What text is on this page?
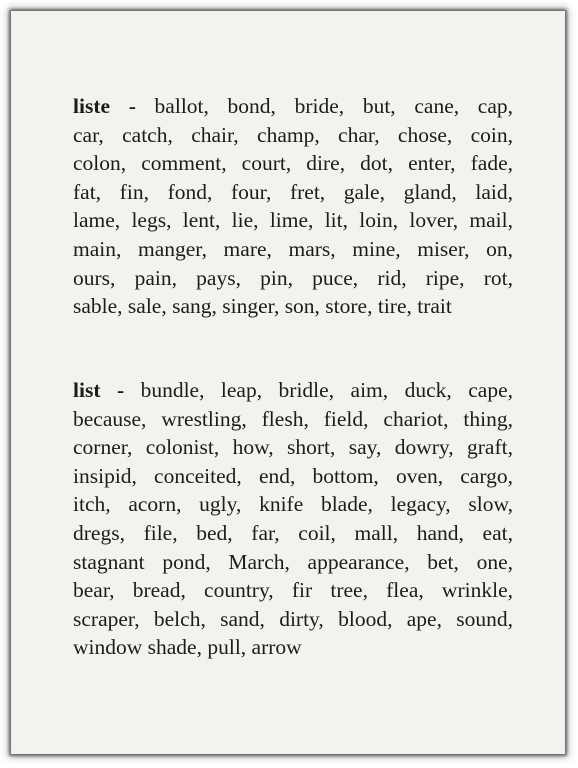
liste - ballot, bond, bride, but, cane, cap,

car, catch, chair, champ, char, chose, coin,

colon, comment, court, dire, dot, enter, fade,

fat, fin, fond, four, fret, gale, gland, laid,

lame, legs, lent, lie, lime, lit, loin, lover, mail,

main, manger, mare, mars, mine, miser, on,

ours, pain, pays, pin, puce, rid, ripe, rot,

sable, sale, sang, singer, son, store, tire, trait

list - bundle, leap, bridle, aim, duck, cape,

because, wrestling, flesh, field, chariot, thing,

corner, colonist, how, short, say, dowry, graft,

insipid, conceited, end, bottom, oven, cargo,

itch, acorn, ugly, knife blade, legacy, slow,

dregs, file, bed, far, coil, mall, hand, eat,

stagnant pond, March, appearance, bet, one,

bear, bread, country, fir tree, flea, wrinkle,

scraper, belch, sand, dirty, blood, ape, sound,

window shade, pull, arrow
